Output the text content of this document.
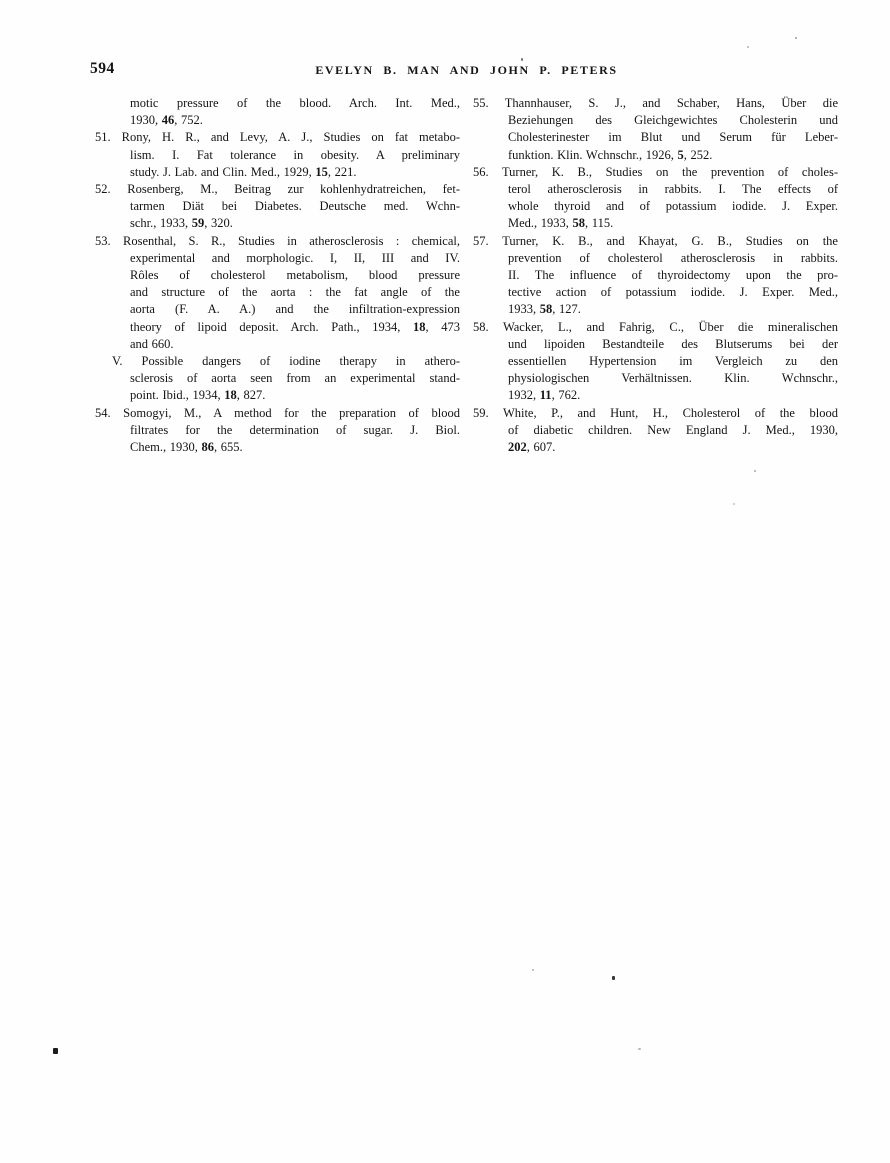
594	EVELYN B. MAN AND JOHN P. PETERS
motic pressure of the blood. Arch. Int. Med.,
1930, 46, 752.
51. Rony, H. R., and Levy, A. J., Studies on fat metabo-
lism. I. Fat tolerance in obesity. A preliminary
study. J. Lab. and Clin. Med., 1929, 15, 221.
52. Rosenberg, M., Beitrag zur kohlenhydratreichen, fet-
tarmen Diät bei Diabetes. Deutsche med. Wchn-
schr., 1933, 59, 320.
53. Rosenthal, S. R., Studies in atherosclerosis : chemical,
experimental and morphologic. I, II, III and IV.
Rôles of cholesterol metabolism, blood pressure
and structure of the aorta : the fat angle of the
aorta (F. A. A.) and the infiltration-expression
theory of lipoid deposit. Arch. Path., 1934, 18, 473
and 660.
V. Possible dangers of iodine therapy in athero-
sclerosis of aorta seen from an experimental stand-
point. Ibid., 1934, 18, 827.
54. Somogyi, M., A method for the preparation of blood
filtrates for the determination of sugar. J. Biol.
Chem., 1930, 86, 655.
55. Thannhauser, S. J., and Schaber, Hans, Über die
Beziehungen des Gleichgewichtes Cholesterin und
Cholesterinester im Blut und Serum für Leber-
funktion. Klin. Wchnschr., 1926, 5, 252.
56. Turner, K. B., Studies on the prevention of choles-
terol atherosclerosis in rabbits. I. The effects of
whole thyroid and of potassium iodide. J. Exper.
Med., 1933, 58, 115.
57. Turner, K. B., and Khayat, G. B., Studies on the
prevention of cholesterol atherosclerosis in rabbits.
II. The influence of thyroidectomy upon the pro-
tective action of potassium iodide. J. Exper. Med.,
1933, 58, 127.
58. Wacker, L., and Fahrig, C., Über die mineralischen
und lipoiden Bestandteile des Blutserums bei der
essentiellen Hypertension im Vergleich zu den
physiologischen Verhältnissen. Klin. Wchnschr.,
1932, 11, 762.
59. White, P., and Hunt, H., Cholesterol of the blood
of diabetic children. New England J. Med., 1930,
202, 607.
